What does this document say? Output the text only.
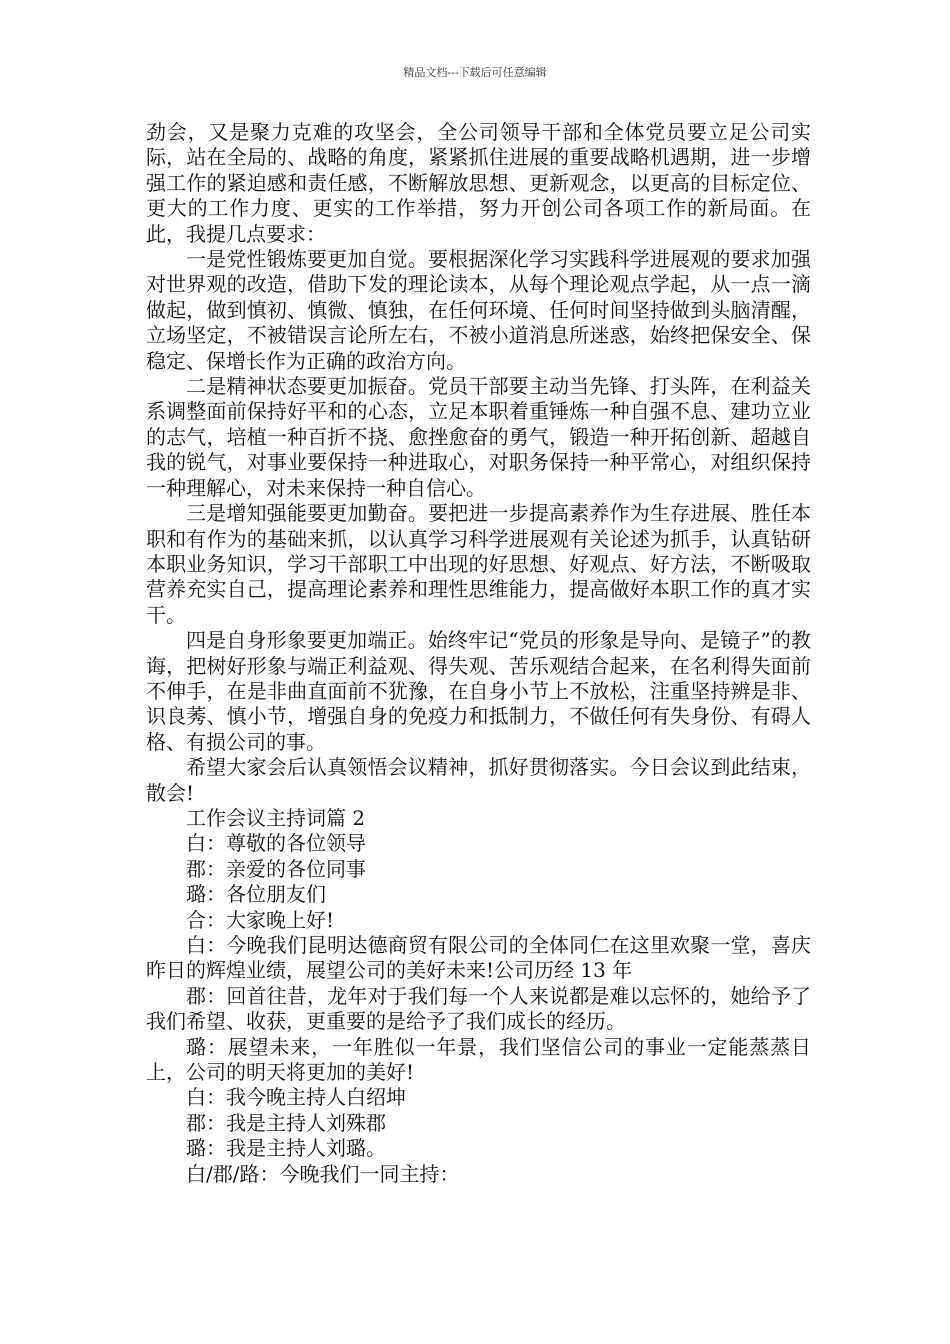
精品文档---下载后可任意编辑

劲会，又是聚力克难的攻坚会，全公司领导干部和全体党员要立足公司实际，站在全局的、战略的角度，紧紧抓住进展的重要战略机遇期，进一步增强工作的紧迫感和责任感，不断解放思想、更新观念，以更高的目标定位、更大的工作力度、更实的工作举措，努力开创公司各项工作的新局面。在此，我提几点要求：

一是党性锻炼要更加自觉。要根据深化学习实践科学进展观的要求加强对世界观的改造，借助下发的理论读本，从每个理论观点学起，从一点一滴做起，做到慎初、慎微、慎独，在任何环境、任何时间坚持做到头脑清醒，立场坚定，不被错误言论所左右，不被小道消息所迷惑，始终把保安全、保稳定、保增长作为正确的政治方向。

二是精神状态要更加振奋。党员干部要主动当先锋、打头阵，在利益关系调整面前保持好平和的心态，立足本职着重锤炼一种自强不息、建功立业的志气，培植一种百折不挠、愈挫愈奋的勇气，锻造一种开拓创新、超越自我的锐气，对事业要保持一种进取心，对职务保持一种平常心，对组织保持一种理解心，对未来保持一种自信心。

三是增知强能要更加勤奋。要把进一步提高素养作为生存进展、胜任本职和有作为的基础来抓，以认真学习科学进展观有关论述为抓手，认真钻研本职业务知识，学习干部职工中出现的好思想、好观点、好方法，不断吸取营养充实自己，提高理论素养和理性思维能力，提高做好本职工作的真才实干。

四是自身形象要更加端正。始终牢记“党员的形象是导向、是镜子”的教诲，把树好形象与端正利益观、得失观、苦乐观结合起来，在名利得失面前不伸手，在是非曲直面前不犹豫，在自身小节上不放松，注重坚持辨是非、识良莠、慎小节，增强自身的免疫力和抵制力，不做任何有失身份、有碍人格、有损公司的事。

希望大家会后认真领悟会议精神，抓好贯彻落实。今日会议到此结束，散会!

工作会议主持词篇 2

白：尊敬的各位领导

郡：亲爱的各位同事

璐：各位朋友们

合：大家晚上好!

白：今晚我们昆明达德商贸有限公司的全体同仁在这里欢聚一堂，喜庆昨日的辉煌业绩，展望公司的美好未来!公司历经 13 年

郡：回首往昔，龙年对于我们每一个人来说都是难以忘怀的，她给予了我们希望、收获，更重要的是给予了我们成长的经历。

璐：展望未来，一年胜似一年景，我们坚信公司的事业一定能蒸蒸日上，公司的明天将更加的美好!

白：我今晚主持人白绍坤

郡：我是主持人刘殊郡

璐：我是主持人刘璐。

白/郡/路：今晚我们一同主持：
